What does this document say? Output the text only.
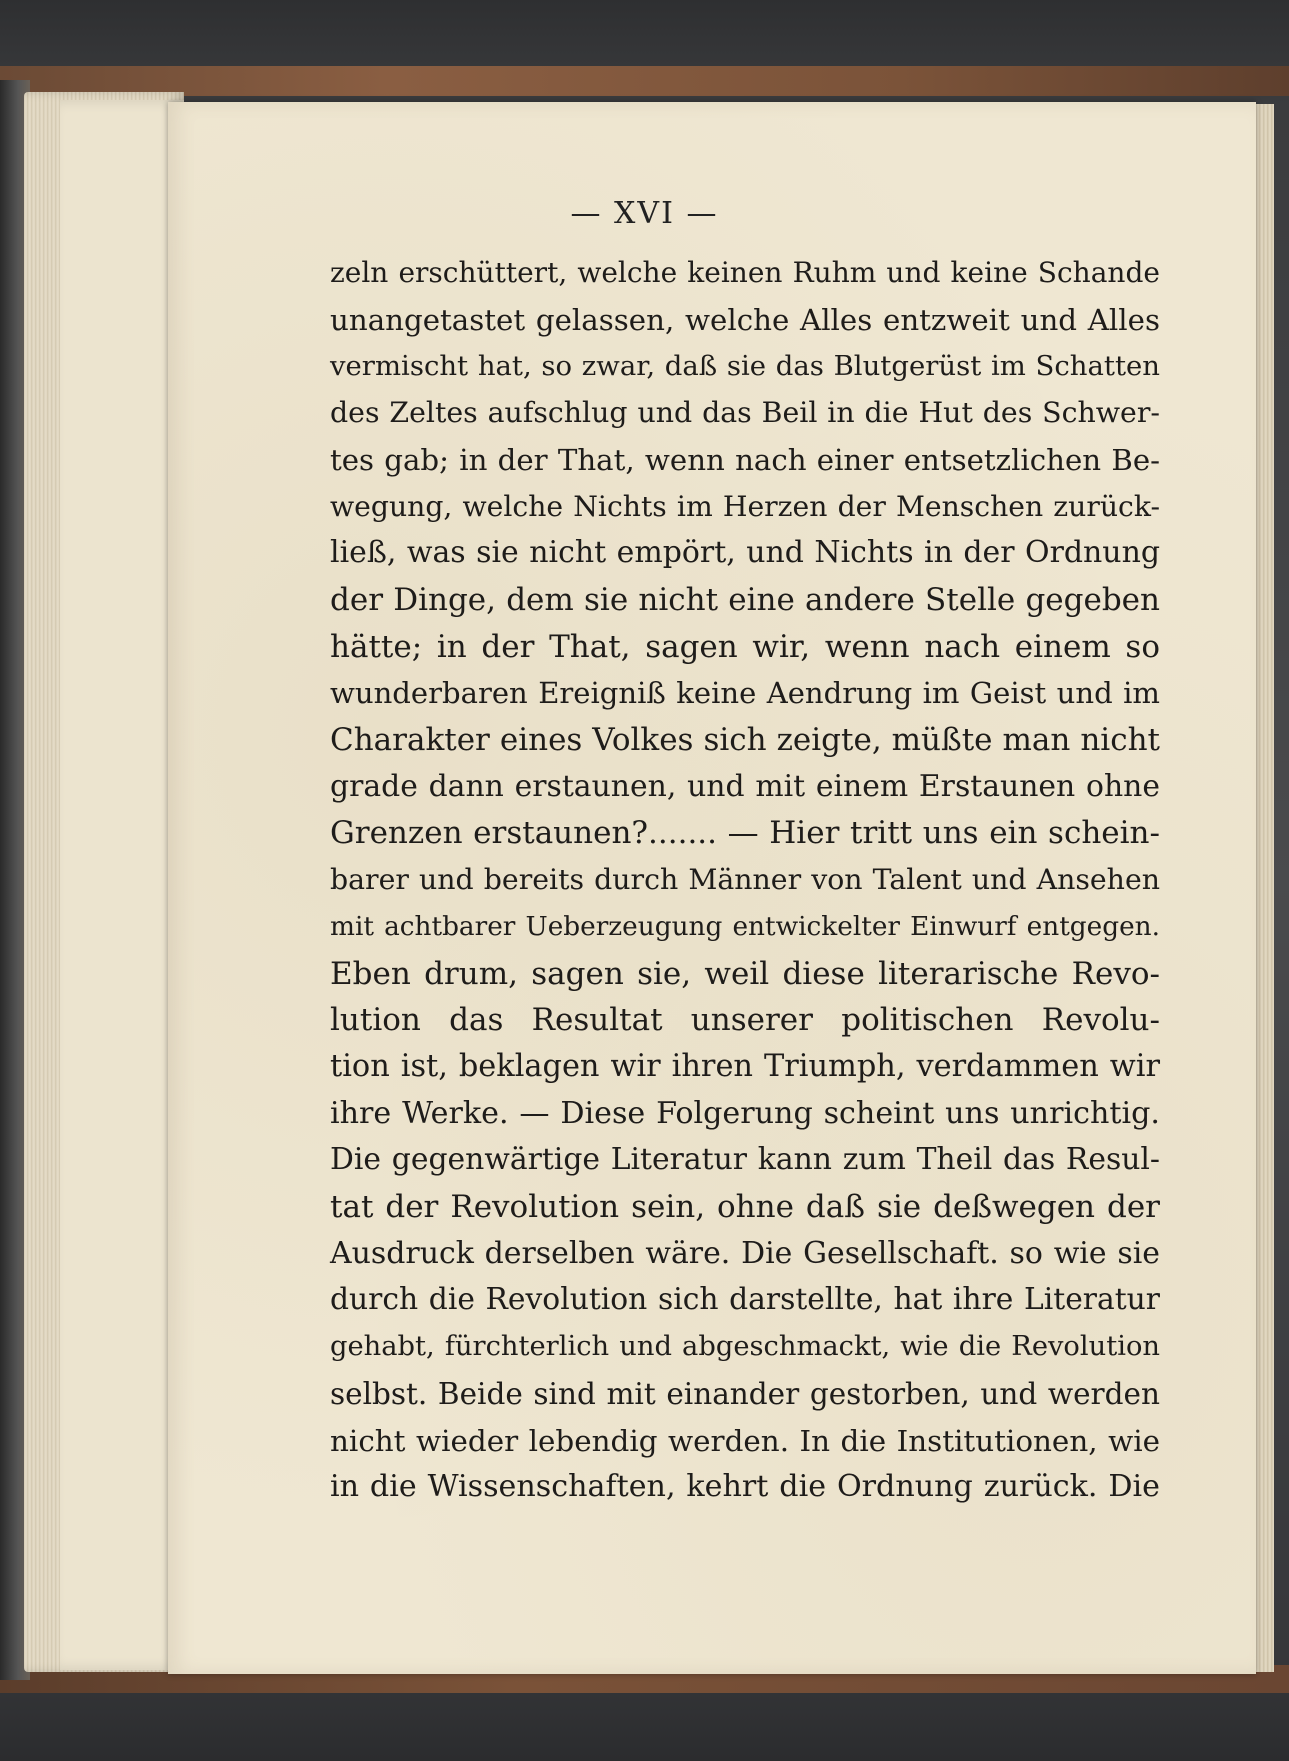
— XVI —
zeln erschüttert, welche keinen Ruhm und keine Schande
unangetastet gelassen, welche Alles entzweit und Alles
vermischt hat, so zwar, daß sie das Blutgerüst im Schatten
des Zeltes aufschlug und das Beil in die Hut des Schwer-
tes gab; in der That, wenn nach einer entsetzlichen Be-
wegung, welche Nichts im Herzen der Menschen zurück-
ließ, was sie nicht empört, und Nichts in der Ordnung
der Dinge, dem sie nicht eine andere Stelle gegeben
hätte; in der That, sagen wir, wenn nach einem so
wunderbaren Ereigniß keine Aendrung im Geist und im
Charakter eines Volkes sich zeigte, müßte man nicht
grade dann erstaunen, und mit einem Erstaunen ohne
Grenzen erstaunen?....... — Hier tritt uns ein schein-
barer und bereits durch Männer von Talent und Ansehen
mit achtbarer Ueberzeugung entwickelter Einwurf entgegen.
Eben drum, sagen sie, weil diese literarische Revo-
lution das Resultat unserer politischen Revolu-
tion ist, beklagen wir ihren Triumph, verdammen wir
ihre Werke. — Diese Folgerung scheint uns unrichtig.
Die gegenwärtige Literatur kann zum Theil das Resul-
tat der Revolution sein, ohne daß sie deßwegen der
Ausdruck derselben wäre. Die Gesellschaft. so wie sie
durch die Revolution sich darstellte, hat ihre Literatur
gehabt, fürchterlich und abgeschmackt, wie die Revolution
selbst. Beide sind mit einander gestorben, und werden
nicht wieder lebendig werden. In die Institutionen, wie
in die Wissenschaften, kehrt die Ordnung zurück. Die
